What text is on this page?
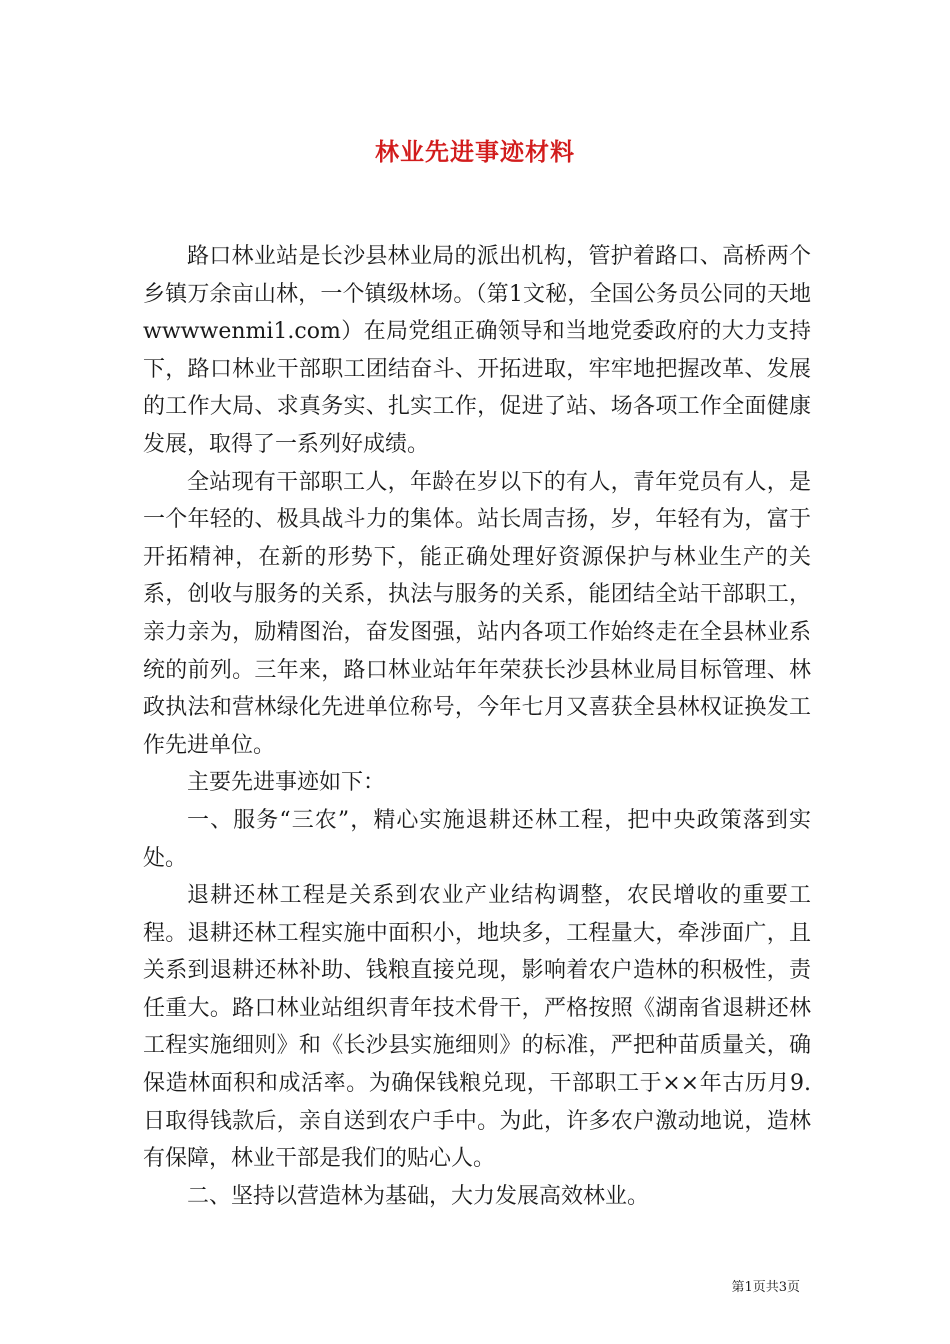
林业先进事迹材料

路口林业站是长沙县林业局的派出机构，管护着路口、高桥两个乡镇万余亩山林，一个镇级林场。（第1文秘，全国公务员公同的天地wwwwenmi1.com）在局党组正确领导和当地党委政府的大力支持下，路口林业干部职工团结奋斗、开拓进取，牢牢地把握改革、发展的工作大局、求真务实、扎实工作，促进了站、场各项工作全面健康发展，取得了一系列好成绩。

全站现有干部职工人，年龄在岁以下的有人，青年党员有人，是一个年轻的、极具战斗力的集体。站长周吉扬，岁，年轻有为，富于开拓精神，在新的形势下，能正确处理好资源保护与林业生产的关系，创收与服务的关系，执法与服务的关系，能团结全站干部职工，亲力亲为，励精图治，奋发图强，站内各项工作始终走在全县林业系统的前列。三年来，路口林业站年年荣获长沙县林业局目标管理、林政执法和营林绿化先进单位称号，今年七月又喜获全县林权证换发工作先进单位。

主要先进事迹如下：

一、服务“三农”，精心实施退耕还林工程，把中央政策落到实处。

退耕还林工程是关系到农业产业结构调整，农民增收的重要工程。退耕还林工程实施中面积小，地块多，工程量大，牵涉面广，且关系到退耕还林补助、钱粮直接兑现，影响着农户造林的积极性，责任重大。路口林业站组织青年技术骨干，严格按照《湖南省退耕还林工程实施细则》和《长沙县实施细则》的标准，严把种苗质量关，确保造林面积和成活率。为确保钱粮兑现，干部职工于××年古历月9.日取得钱款后，亲自送到农户手中。为此，许多农户激动地说，造林有保障，林业干部是我们的贴心人。

二、坚持以营造林为基础，大力发展高效林业。

第1页共3页
